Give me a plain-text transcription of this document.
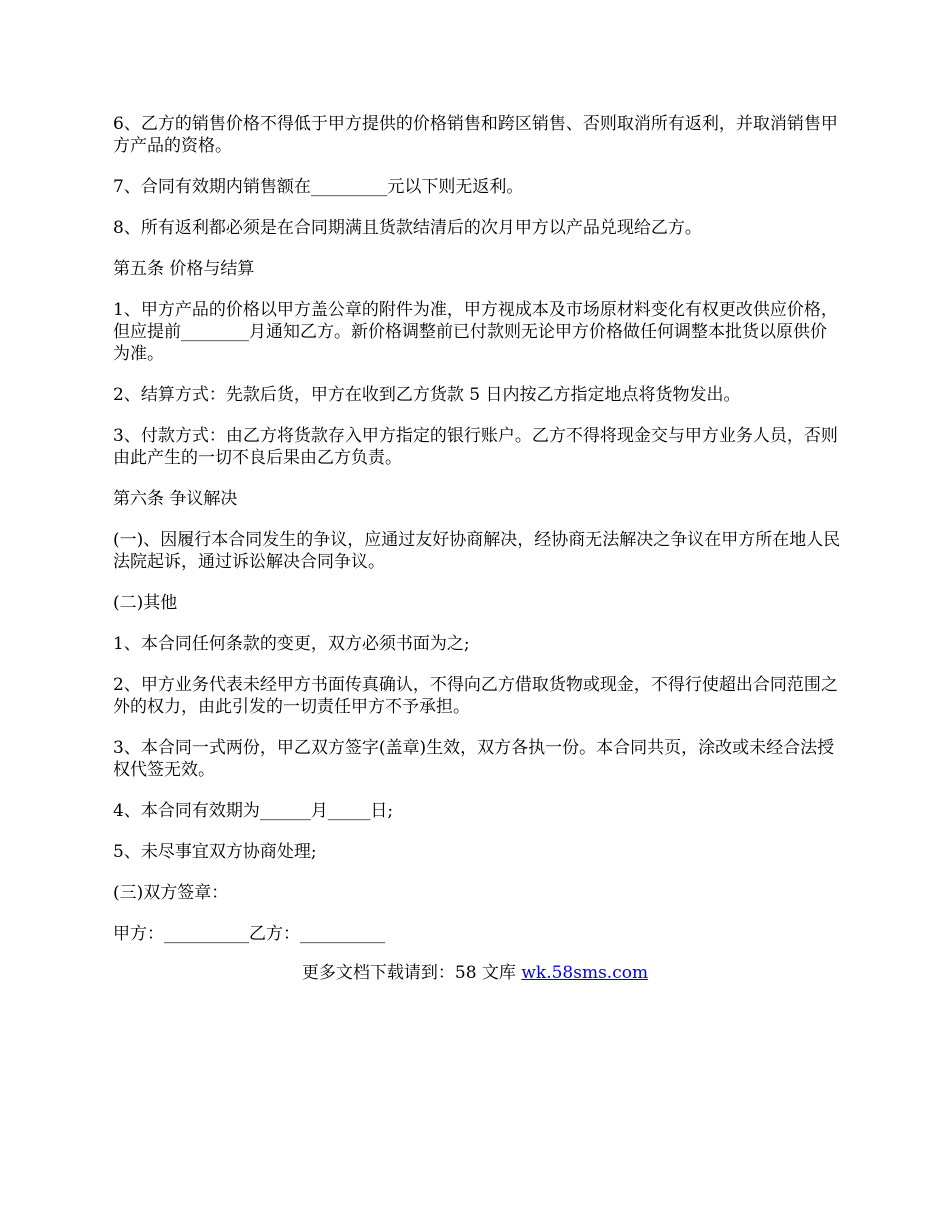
6、乙方的销售价格不得低于甲方提供的价格销售和跨区销售、否则取消所有返利，并取消销售甲方产品的资格。

7、合同有效期内销售额在_________元以下则无返利。

8、所有返利都必须是在合同期满且货款结清后的次月甲方以产品兑现给乙方。

第五条 价格与结算

1、甲方产品的价格以甲方盖公章的附件为准，甲方视成本及市场原材料变化有权更改供应价格，但应提前________月通知乙方。新价格调整前已付款则无论甲方价格做任何调整本批货以原供价为准。

2、结算方式：先款后货，甲方在收到乙方货款 5 日内按乙方指定地点将货物发出。

3、付款方式：由乙方将货款存入甲方指定的银行账户。乙方不得将现金交与甲方业务人员，否则由此产生的一切不良后果由乙方负责。

第六条 争议解决

(一)、因履行本合同发生的争议，应通过友好协商解决，经协商无法解决之争议在甲方所在地人民法院起诉，通过诉讼解决合同争议。

(二)其他

1、本合同任何条款的变更，双方必须书面为之;

2、甲方业务代表未经甲方书面传真确认，不得向乙方借取货物或现金，不得行使超出合同范围之外的权力，由此引发的一切责任甲方不予承担。

3、本合同一式两份，甲乙双方签字(盖章)生效，双方各执一份。本合同共页，涂改或未经合法授权代签无效。

4、本合同有效期为______月_____日;

5、未尽事宜双方协商处理;

(三)双方签章：

甲方：__________乙方：__________

更多文档下载请到：58 文库 wk.58sms.com
